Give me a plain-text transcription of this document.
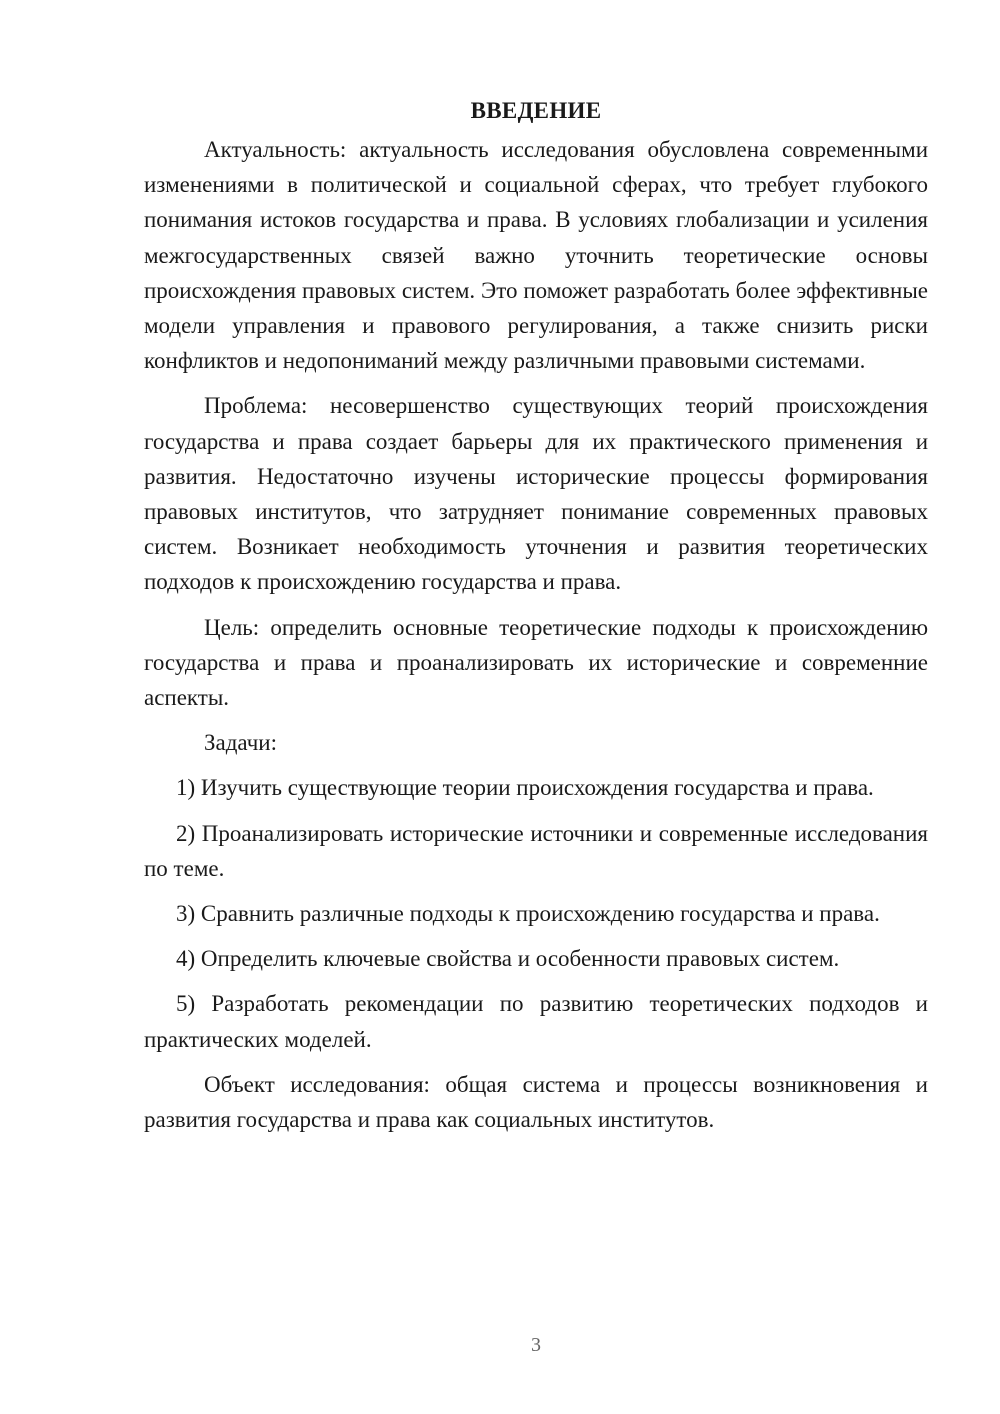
ВВЕДЕНИЕ

Актуальность: актуальность исследования обусловлена современными изменениями в политической и социальной сферах, что требует глубокого понимания истоков государства и права. В условиях глобализации и усиления межгосударственных связей важно уточнить теоретические основы происхождения правовых систем. Это поможет разработать более эффективные модели управления и правового регулирования, а также снизить риски конфликтов и недопониманий между различными правовыми системами.

Проблема: несовершенство существующих теорий происхождения государства и права создает барьеры для их практического применения и развития. Недостаточно изучены исторические процессы формирования правовых институтов, что затрудняет понимание современных правовых систем. Возникает необходимость уточнения и развития теоретических подходов к происхождению государства и права.

Цель: определить основные теоретические подходы к происхождению государства и права и проанализировать их исторические и современние аспекты.

Задачи:

1) Изучить существующие теории происхождения государства и права.

2) Проанализировать исторические источники и современные исследования по теме.

3) Сравнить различные подходы к происхождению государства и права.

4) Определить ключевые свойства и особенности правовых систем.

5) Разработать рекомендации по развитию теоретических подходов и практических моделей.

Объект исследования: общая система и процессы возникновения и развития государства и права как социальных институтов.

3
